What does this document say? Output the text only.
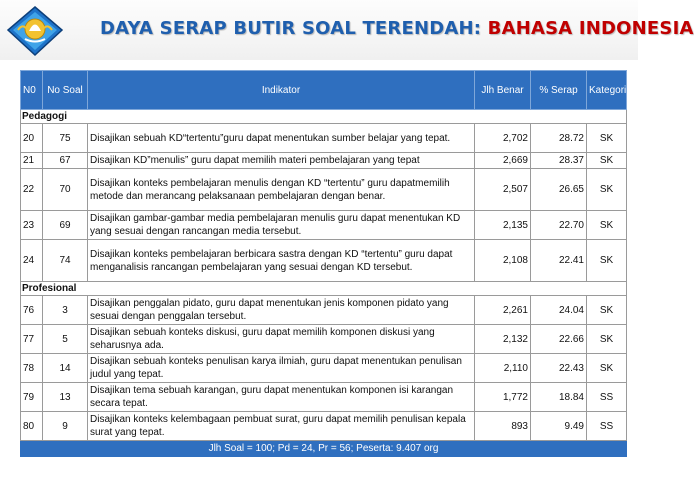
DAYA SERAP BUTIR SOAL TERENDAH: BAHASA INDONESIA
N0	No Soal	Indikator	Jlh Benar	% Serap	Kategori
Pedagogi					
20	75	Disajikan sebuah KD“tertentu”guru dapat menentukan sumber belajar yang tepat.	2,702	28.72	SK
21	67	Disajikan KD”menulis” guru dapat memilih materi pembelajaran yang tepat	2,669	28.37	SK
22	70	Disajikan konteks pembelajaran menulis dengan KD “tertentu” guru dapatmemilih metode dan merancang pelaksanaan pembelajaran dengan benar.	2,507	26.65	SK
23	69	Disajikan gambar-gambar media pembelajaran menulis guru dapat menentukan KD yang sesuai dengan rancangan media tersebut.	2,135	22.70	SK
24	74	Disajikan konteks pembelajaran berbicara sastra dengan KD “tertentu” guru dapat menganalisis rancangan pembelajaran yang sesuai dengan KD tersebut.	2,108	22.41	SK
Profesional					
76	3	Disajikan penggalan pidato, guru dapat menentukan jenis komponen pidato yang sesuai dengan penggalan tersebut.	2,261	24.04	SK
77	5	Disajikan sebuah konteks diskusi, guru dapat memilih komponen diskusi yang seharusnya ada.	2,132	22.66	SK
78	14	Disajikan sebuah konteks penulisan karya ilmiah, guru dapat menentukan penulisan judul yang tepat.	2,110	22.43	SK
79	13	Disajikan tema sebuah karangan, guru dapat menentukan komponen isi karangan secara tepat.	1,772	18.84	SS
80	9	Disajikan konteks kelembagaan pembuat surat, guru dapat memilih penulisan kepala surat yang tepat.	893	9.49	SS
Jlh Soal = 100; Pd = 24, Pr = 56; Peserta: 9.407 org					
